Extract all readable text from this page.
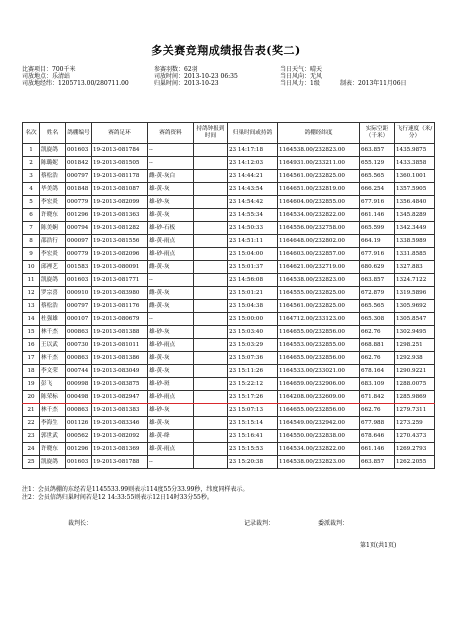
多关赛竞翔成绩报告表(奖二)
比赛项目：700千米
司放地点：乐清站
司放地经纬：1205713.00/280711.00
参赛羽数：62羽
司放时间：2013-10-23 06:35
归巢时间：2013-10-23
当日天气：晴天
当日风向：无风
当日风力：1级	制表：2013年11月06日
名次	姓名	鸽棚编号	赛鸽足环	赛鸽资料	持鸽钟报到时间	归巢时间或持鸽	鸽棚经纬度	实际空距（千米）	飞行速度（米/分）
1	凯旋鸽	001603	19-2013-081784	--		23 14:17:18	1164538.00/232823.00	663.857	1435.9875
2	陈璐妮	001842	19-2013-081505	--		23 14:12:03	1164931.00/233211.00	655.129	1433.3858
3	蔡松浩	000797	19-2013-081178	雌-黄-灰白		23 14:44:21	1164561.00/232825.00	665.565	1360.1001
4	毕美鸽	001848	19-2013-081087	雄-黄-灰		23 14:43:54	1164651.00/232819.00	666.254	1357.5905
5	李宏炎	000779	19-2013-082099	雄-砂-灰		23 14:54:42	1164604.00/232855.00	677.916	1356.4840
6	许晓东	001296	19-2013-081363	雄-黄-灰		23 14:55:34	1164534.00/232822.00	661.146	1345.8289
7	陈美娴	000794	19-2013-081282	雄-砂-石板		23 14:50:33	1164556.00/232758.00	665.599	1342.3449
8	邵浩行	000097	19-2013-081556	雄-黄-雨点		23 14:51:11	1164648.00/232802.00	664.19	1338.5989
9	李宏炎	000779	19-2013-082096	雄-砂-雨点		23 15:04:00	1164603.00/232857.00	677.916	1331.8585
10	邱裡艺	001583	19-2013-080091	雌-黄-灰		23 15:01:37	1164621.00/232719.00	680.629	1327.883
11	凯旋鸽	001603	19-2013-081771	--		23 14:56:08	1164538.00/232823.00	663.857	1324.7122
12	罗宗喜	000910	19-2013-083980	雌-黄-灰		23 15:01:21	1164555.00/232825.00	672.879	1319.5896
13	蔡松浩	000797	19-2013-081176	雌-黄-灰		23 15:04:38	1164561.00/232825.00	665.565	1305.9692
14	杜强雄	000107	19-2013-080679	--		23 15:00:00	1164712.00/233123.00	665.308	1305.8547
15	林千杰	000863	19-2013-081388	雄-砂-灰		23 15:03:40	1164655.00/232856.00	662.76	1302.9495
16	王以武	000730	19-2013-081011	雄-砂-雨点		23 15:03:29	1164553.00/232855.00	668.881	1298.251
17	林千杰	000863	19-2013-081386	雄-黄-灰		23 15:07:36	1164655.00/232856.00	662.76	1292.938
18	李文荣	000744	19-2013-083049	雄-黄-灰		23 15:11:26	1164533.00/233021.00	678.164	1290.9221
19	彭飞	000998	19-2013-083875	雄-砂-斑		23 15:22:12	1164659.00/232906.00	683.109	1288.0075
20	陈荣标	000498	19-2013-082947	雄-砂-雨点		23 15:17:26	1164208.00/232609.00	671.842	1285.9869
21	林千杰	000863	19-2013-081383	雄-砂-灰		23 15:07:13	1164655.00/232856.00	662.76	1279.7311
22	李海生	001126	19-2013-083346	雄-黄-灰		23 15:15:14	1164549.00/232942.00	677.988	1273.259
23	郭世武	000562	19-2013-082092	雄-黄-绛		23 15:16:41	1164550.00/232838.00	678.646	1270.4373
24	许晓东	001296	19-2013-081369	雄-黄-雨点		23 15:15:53	1164534.00/232822.00	661.146	1269.2793
25	凯旋鸽	001603	19-2013-081788	--		23 15:20:38	1164538.00/232823.00	663.857	1262.2055
注1：会员鸽棚的东经若是1145533.99则表示114度55分33.99秒，纬度同样表示。
注2：会员信鸽归巢时间若是12 14:33:55则表示12日14时33分55秒。
裁判长：	记录裁判：	委派裁判：
第1页(共1页)
